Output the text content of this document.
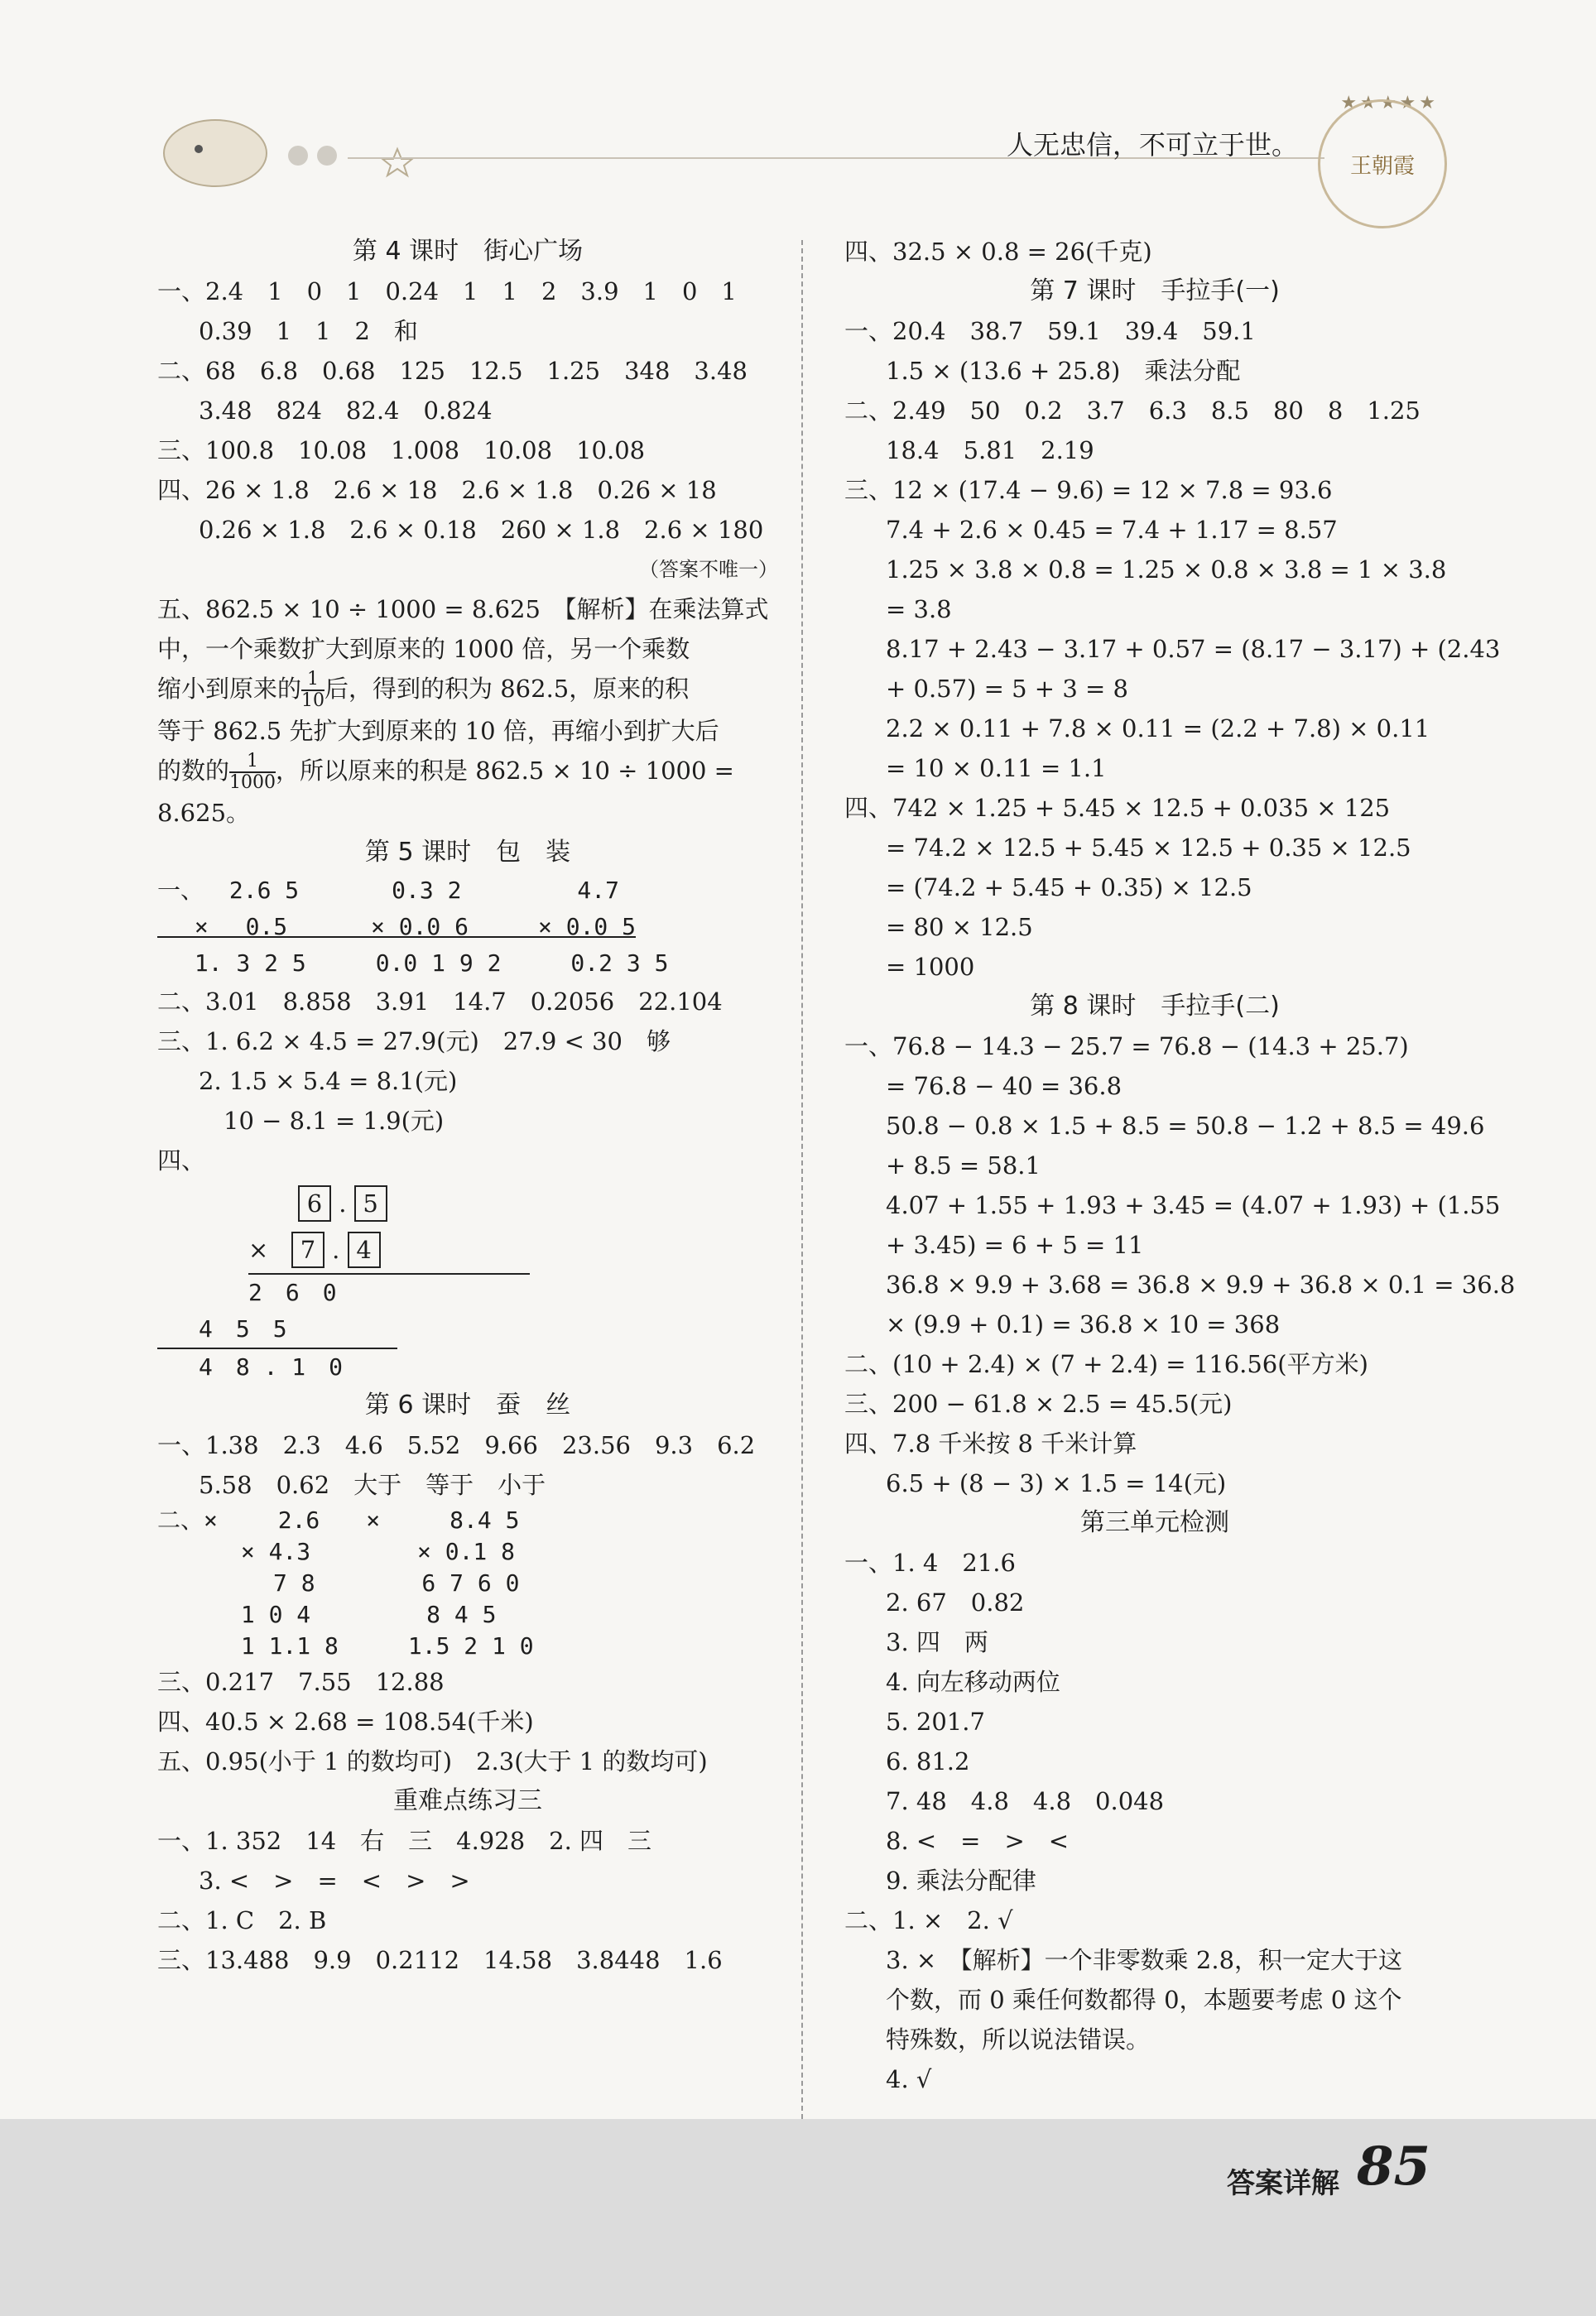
人无忠信，不可立于世。
★★★★★
王朝霞

第 4 课时　街心广场

一、2.4　1　0　1　0.24　1　1　2　3.9　1　0　1

0.39　1　1　2　和

二、68　6.8　0.68　125　12.5　1.25　348　3.48

3.48　824　82.4　0.824

三、100.8　10.08　1.008　10.08　10.08

四、26 × 1.8　2.6 × 18　2.6 × 1.8　0.26 × 18

0.26 × 1.8　2.6 × 0.18　260 × 1.8　2.6 × 180

（答案不唯一）

五、862.5 × 10 ÷ 1000 = 8.625　【解析】在乘法算式

中，一个乘数扩大到原来的 1000 倍，另一个乘数

缩小到原来的 $\frac{1}{10}$ 后，得到的积为 862.5，原来的积

等于 862.5 先扩大到原来的 10 倍，再缩小到扩大后

的数的 $\frac{1}{1000}$ ，所以原来的积是 862.5 × 10 ÷ 1000 =

8.625。

第 5 课时　包　装

一、　 2.6 5　　　　0.3 2　　　　　4.7

　 ×　 0.5　　　 × 0.0 6　　　× 0.0 5

　 1. 3 2 5　　　0.0 1 9 2　　　0.2 3 5

二、3.01　8.858　3.91　14.7　0.2056　22.104

三、1. 6.2 × 4.5 = 27.9(元)　27.9 < 30　够

2. 1.5 × 5.4 = 8.1(元)

10 − 8.1 = 1.9(元)

四、

6 . 5
×   7 . 4

2　6　0

4　5　5

4　8 . 1　0

第 6 课时　蚕　丝

一、1.38　2.3　4.6　5.52　9.66　23.56　9.3　6.2

5.58　0.62　大于　等于　小于

二、×　　 2.6　　×　　　8.4 5

　　　 × 4.3　　　　 × 0.1 8

　　　　　7 8　　　　 6 7 6 0

　　　 1 0 4　　　　　8 4 5

　　　 1 1.1 8　　　1.5 2 1 0

三、0.217　7.55　12.88

四、40.5 × 2.68 = 108.54(千米)

五、0.95(小于 1 的数均可)　2.3(大于 1 的数均可)

重难点练习三

一、1. 352　14　右　三　4.928　2. 四　三

3. <　>　=　<　>　>

二、1. C　2. B

三、13.488　9.9　0.2112　14.58　3.8448　1.6

四、32.5 × 0.8 = 26(千克)

第 7 课时　手拉手(一)

一、20.4　38.7　59.1　39.4　59.1

1.5 × (13.6 + 25.8)　乘法分配

二、2.49　50　0.2　3.7　6.3　8.5　80　8　1.25

18.4　5.81　2.19

三、12 × (17.4 − 9.6) = 12 × 7.8 = 93.6

7.4 + 2.6 × 0.45 = 7.4 + 1.17 = 8.57

1.25 × 3.8 × 0.8 = 1.25 × 0.8 × 3.8 = 1 × 3.8

= 3.8

8.17 + 2.43 − 3.17 + 0.57 = (8.17 − 3.17) + (2.43

+ 0.57) = 5 + 3 = 8

2.2 × 0.11 + 7.8 × 0.11 = (2.2 + 7.8) × 0.11

= 10 × 0.11 = 1.1

四、742 × 1.25 + 5.45 × 12.5 + 0.035 × 125

= 74.2 × 12.5 + 5.45 × 12.5 + 0.35 × 12.5

= (74.2 + 5.45 + 0.35) × 12.5

= 80 × 12.5

= 1000

第 8 课时　手拉手(二)

一、76.8 − 14.3 − 25.7 = 76.8 − (14.3 + 25.7)

= 76.8 − 40 = 36.8

50.8 − 0.8 × 1.5 + 8.5 = 50.8 − 1.2 + 8.5 = 49.6

+ 8.5 = 58.1

4.07 + 1.55 + 1.93 + 3.45 = (4.07 + 1.93) + (1.55

+ 3.45) = 6 + 5 = 11

36.8 × 9.9 + 3.68 = 36.8 × 9.9 + 36.8 × 0.1 = 36.8

× (9.9 + 0.1) = 36.8 × 10 = 368

二、(10 + 2.4) × (7 + 2.4) = 116.56(平方米)

三、200 − 61.8 × 2.5 = 45.5(元)

四、7.8 千米按 8 千米计算

6.5 + (8 − 3) × 1.5 = 14(元)

第三单元检测

一、1. 4　21.6

2. 67　0.82

3. 四　两

4. 向左移动两位

5. 201.7

6. 81.2

7. 48　4.8　4.8　0.048

8. <　=　>　<

9. 乘法分配律

二、1. ×　2. √

3. ×　【解析】一个非零数乘 2.8，积一定大于这

个数，而 0 乘任何数都得 0，本题要考虑 0 这个

特殊数，所以说法错误。

4. √

答案详解 85
